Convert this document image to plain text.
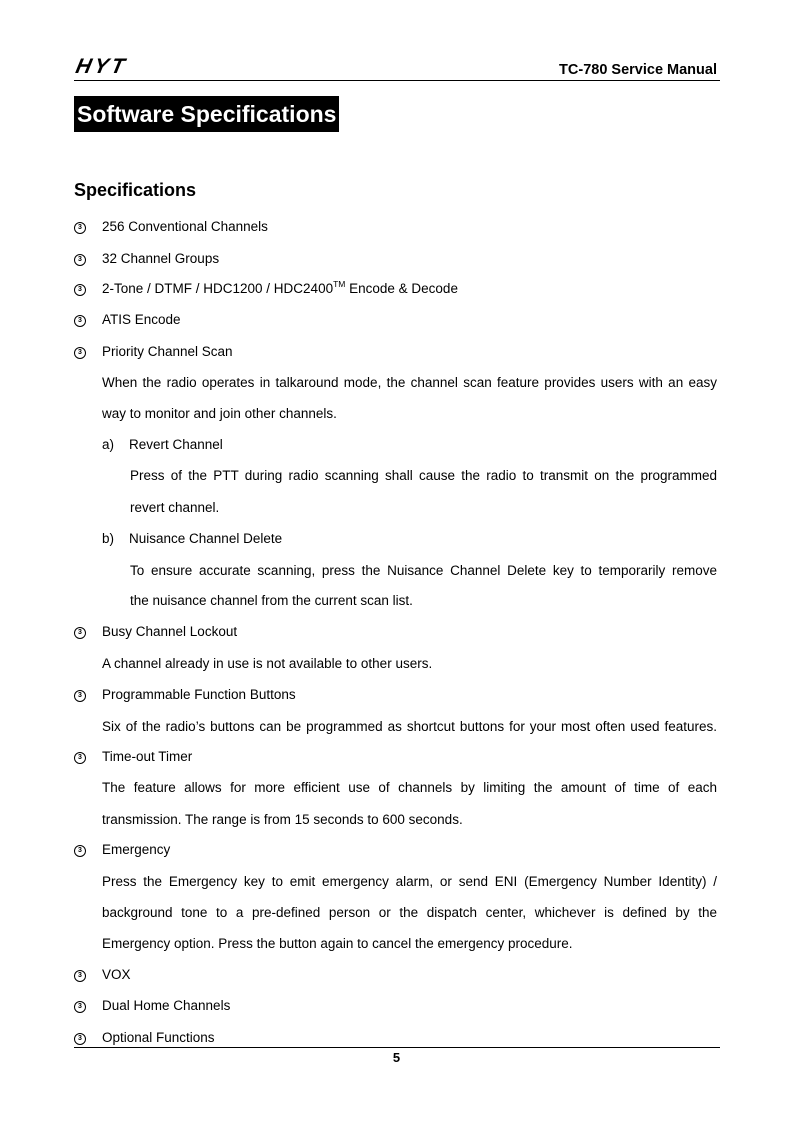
HYT	TC-780 Service Manual
Software Specifications
Specifications
3 256 Conventional Channels
3 32 Channel Groups
3 2-Tone / DTMF / HDC1200 / HDC2400™ Encode & Decode
3 ATIS Encode
3 Priority Channel Scan
When the radio operates in talkaround mode, the channel scan feature provides users with an easy
way to monitor and join other channels.
a) Revert Channel
Press of the PTT during radio scanning shall cause the radio to transmit on the programmed
revert channel.
b) Nuisance Channel Delete
To ensure accurate scanning, press the Nuisance Channel Delete key to temporarily remove
the nuisance channel from the current scan list.
3 Busy Channel Lockout
A channel already in use is not available to other users.
3 Programmable Function Buttons
Six of the radio’s buttons can be programmed as shortcut buttons for your most often used features.
3 Time-out Timer
The feature allows for more efficient use of channels by limiting the amount of time of each
transmission. The range is from 15 seconds to 600 seconds.
3 Emergency
Press the Emergency key to emit emergency alarm, or send ENI (Emergency Number Identity) /
background tone to a pre-defined person or the dispatch center, whichever is defined by the
Emergency option. Press the button again to cancel the emergency procedure.
3 VOX
3 Dual Home Channels
3 Optional Functions
5
